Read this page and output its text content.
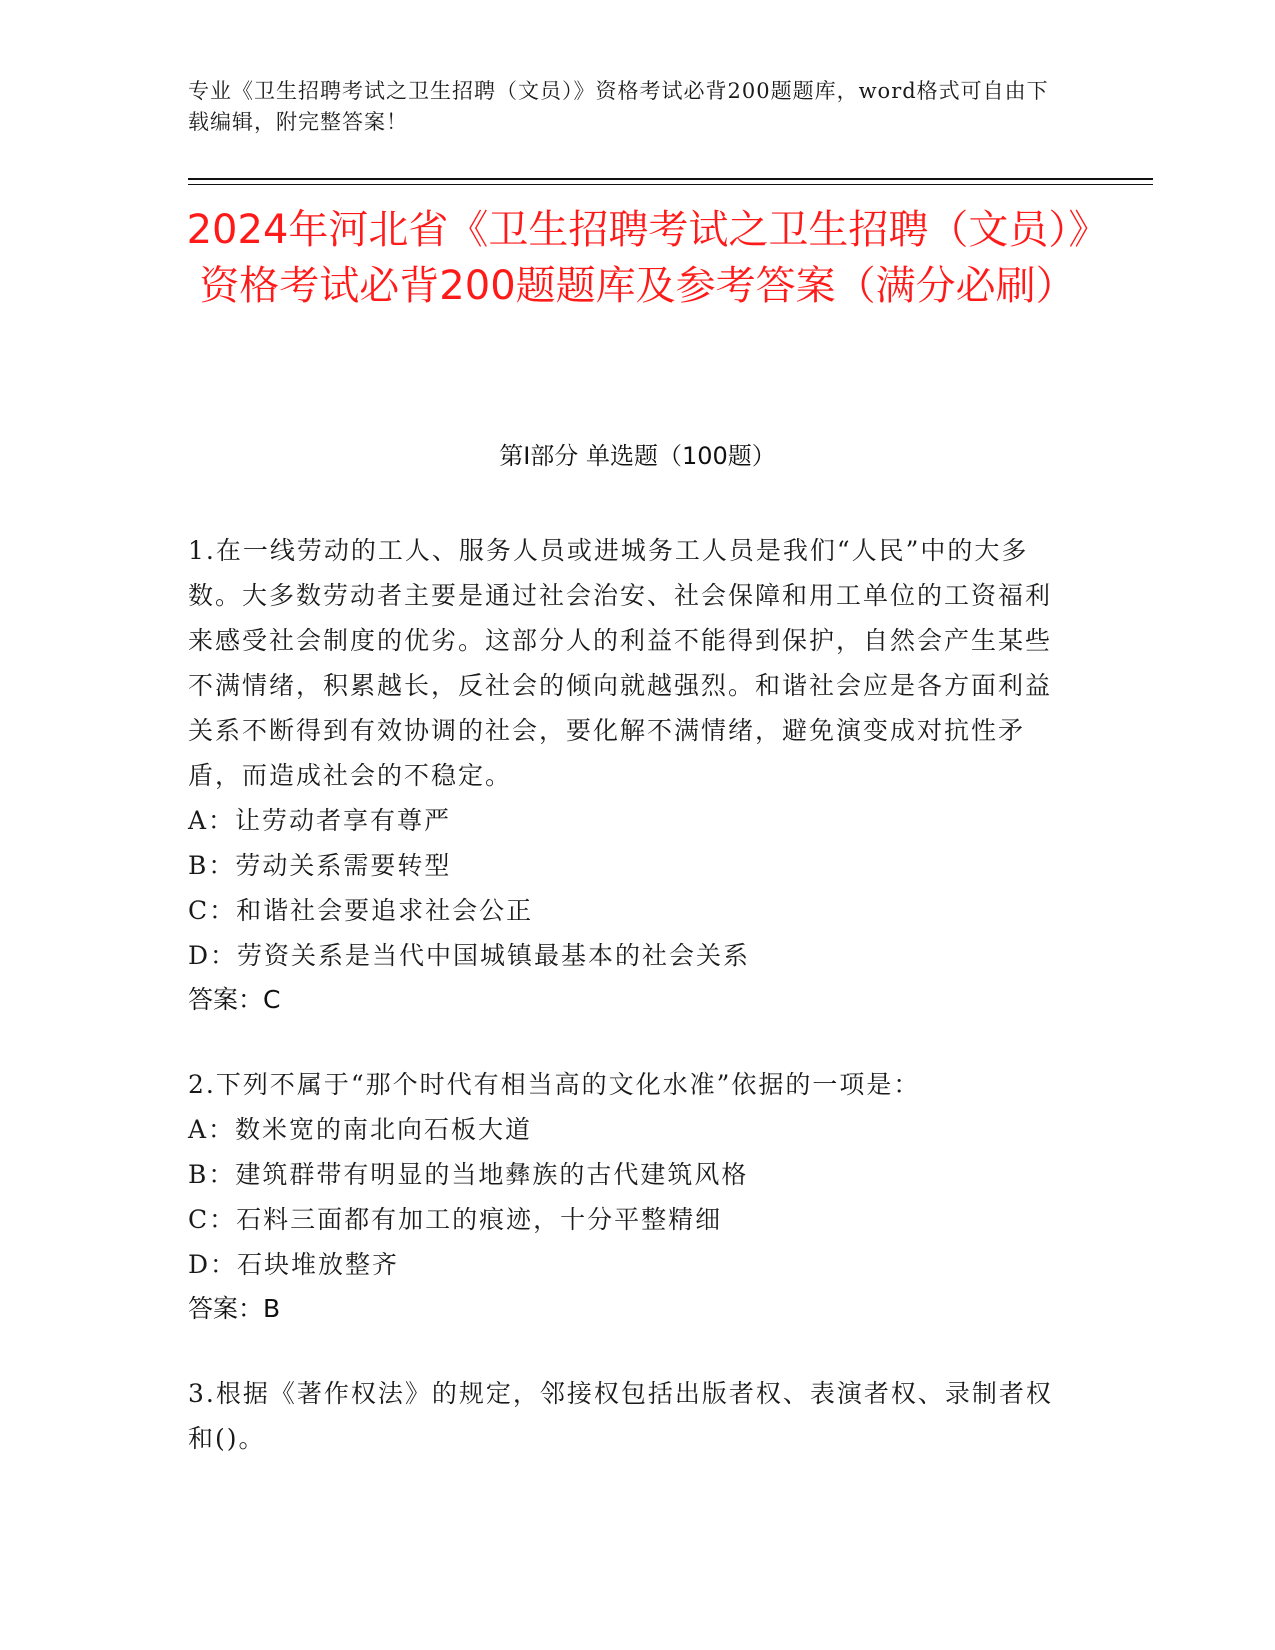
专业《卫生招聘考试之卫生招聘（文员）》资格考试必背200题题库，word格式可自由下载编辑，附完整答案！
2024年河北省《卫生招聘考试之卫生招聘（文员）》资格考试必背200题题库及参考答案（满分必刷）
第I部分 单选题（100题）
1.在一线劳动的工人、服务人员或进城务工人员是我们“人民”中的大多数。大多数劳动者主要是通过社会治安、社会保障和用工单位的工资福利来感受社会制度的优劣。这部分人的利益不能得到保护，自然会产生某些不满情绪，积累越长，反社会的倾向就越强烈。和谐社会应是各方面利益关系不断得到有效协调的社会，要化解不满情绪，避免演变成对抗性矛盾，而造成社会的不稳定。
A：让劳动者享有尊严
B：劳动关系需要转型
C：和谐社会要追求社会公正
D：劳资关系是当代中国城镇最基本的社会关系
答案：C
2.下列不属于“那个时代有相当高的文化水准”依据的一项是：
A：数米宽的南北向石板大道
B：建筑群带有明显的当地彝族的古代建筑风格
C：石料三面都有加工的痕迹，十分平整精细
D：石块堆放整齐
答案：B
3.根据《著作权法》的规定，邻接权包括出版者权、表演者权、录制者权和()。
